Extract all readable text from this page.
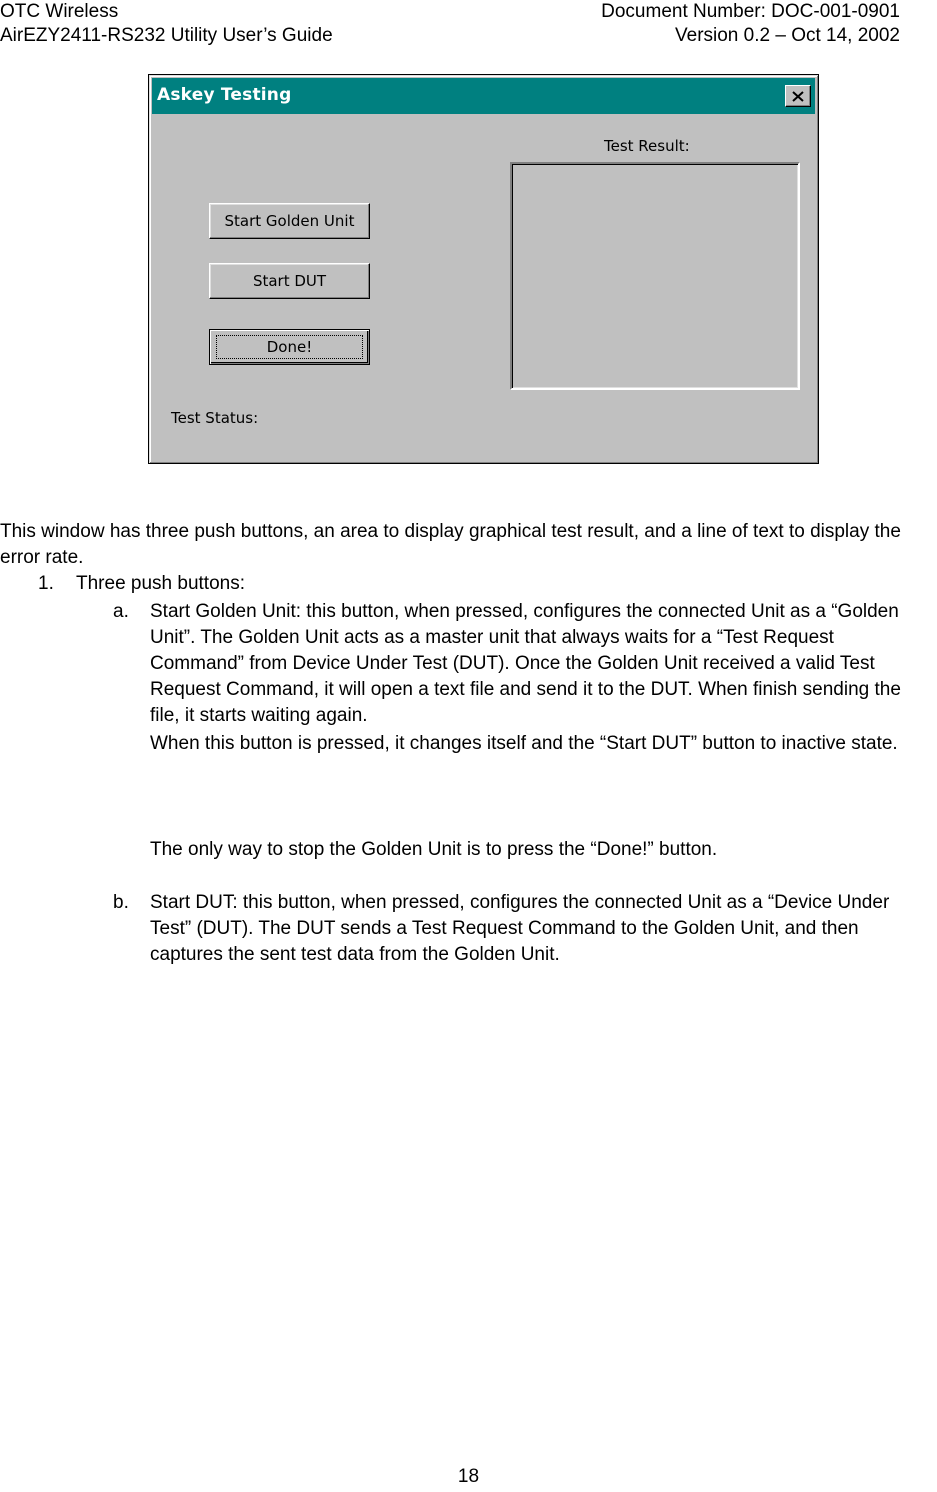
OTC Wireless
AirEZY2411-RS232 Utility User’s Guide
Document Number: DOC-001-0901
Version 0.2 – Oct 14, 2002
Askey Testing
Test Result:
Start Golden Unit
Start DUT
Done!
Test Status:
This window has three push buttons, an area to display graphical test result, and a line of text to display the error rate.
1. Three push buttons:
a. Start Golden Unit: this button, when pressed, configures the connected Unit as a “Golden Unit”. The Golden Unit acts as a master unit that always waits for a “Test Request Command” from Device Under Test (DUT). Once the Golden Unit received a valid Test Request Command, it will open a text file and send it to the DUT. When finish sending the file, it starts waiting again.
When this button is pressed, it changes itself and the “Start DUT” button to inactive state.
The only way to stop the Golden Unit is to press the “Done!” button.
b. Start DUT: this button, when pressed, configures the connected Unit as a “Device Under Test” (DUT). The DUT sends a Test Request Command to the Golden Unit, and then captures the sent test data from the Golden Unit.
18
